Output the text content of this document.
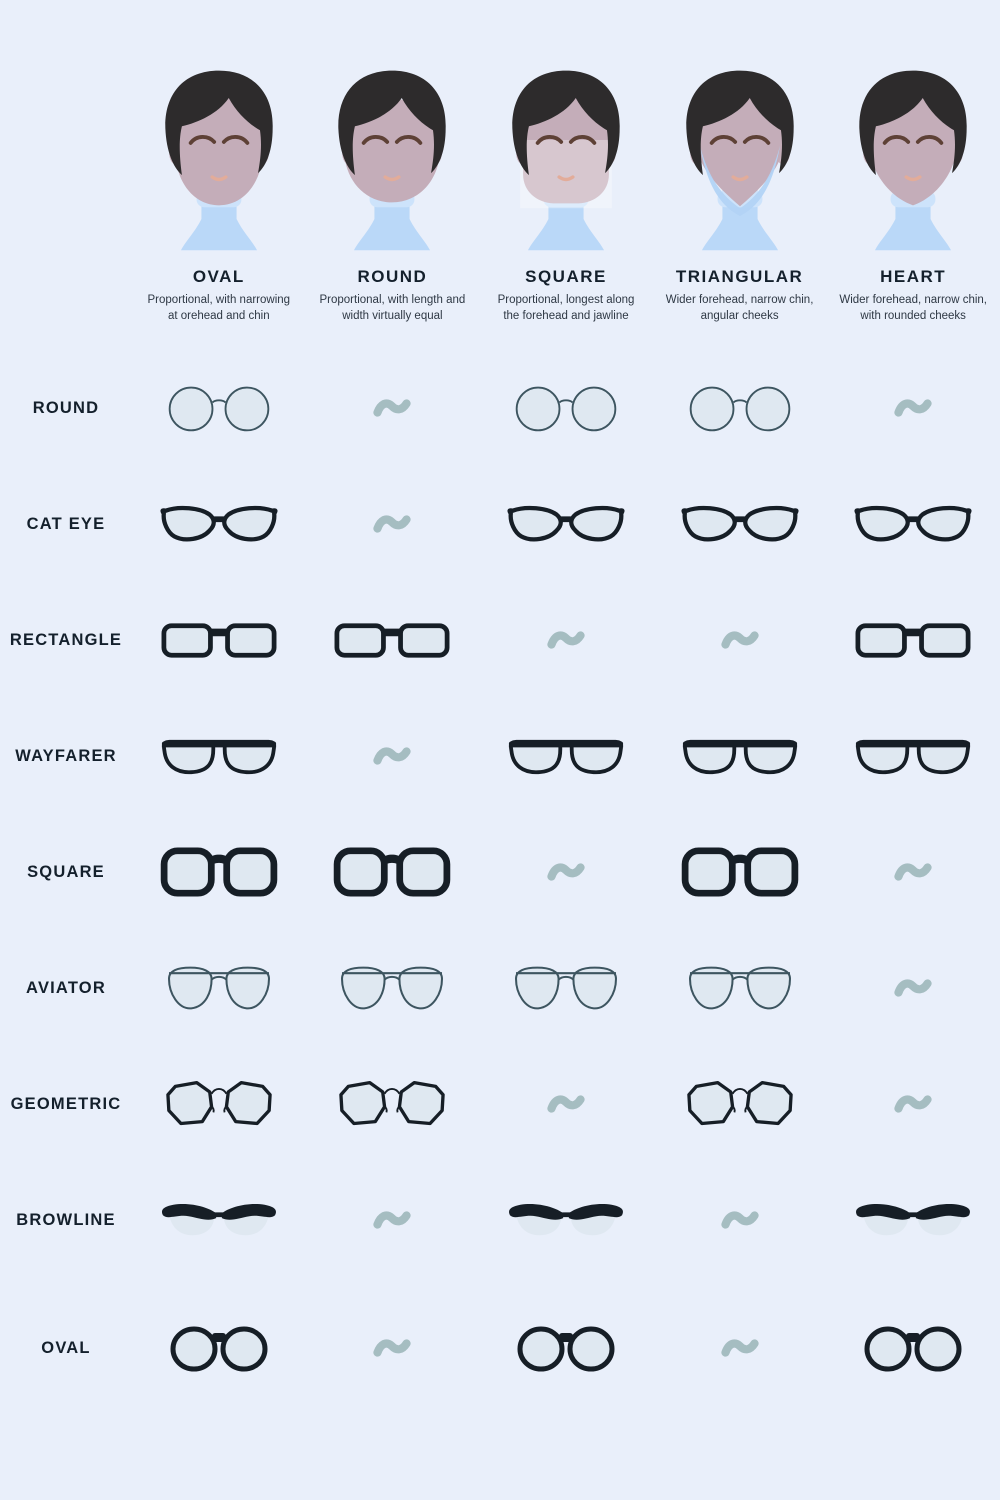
OVAL
Proportional, with narrowing at orehead and chin
ROUND
Proportional, with length and width virtually equal
SQUARE
Proportional, longest along the forehead and jawline
TRIANGULAR
Wider forehead, narrow chin, angular cheeks
HEART
Wider forehead, narrow chin, with rounded cheeks
ROUND
CAT EYE
RECTANGLE
WAYFARER
SQUARE
AVIATOR
GEOMETRIC
BROWLINE
OVAL
